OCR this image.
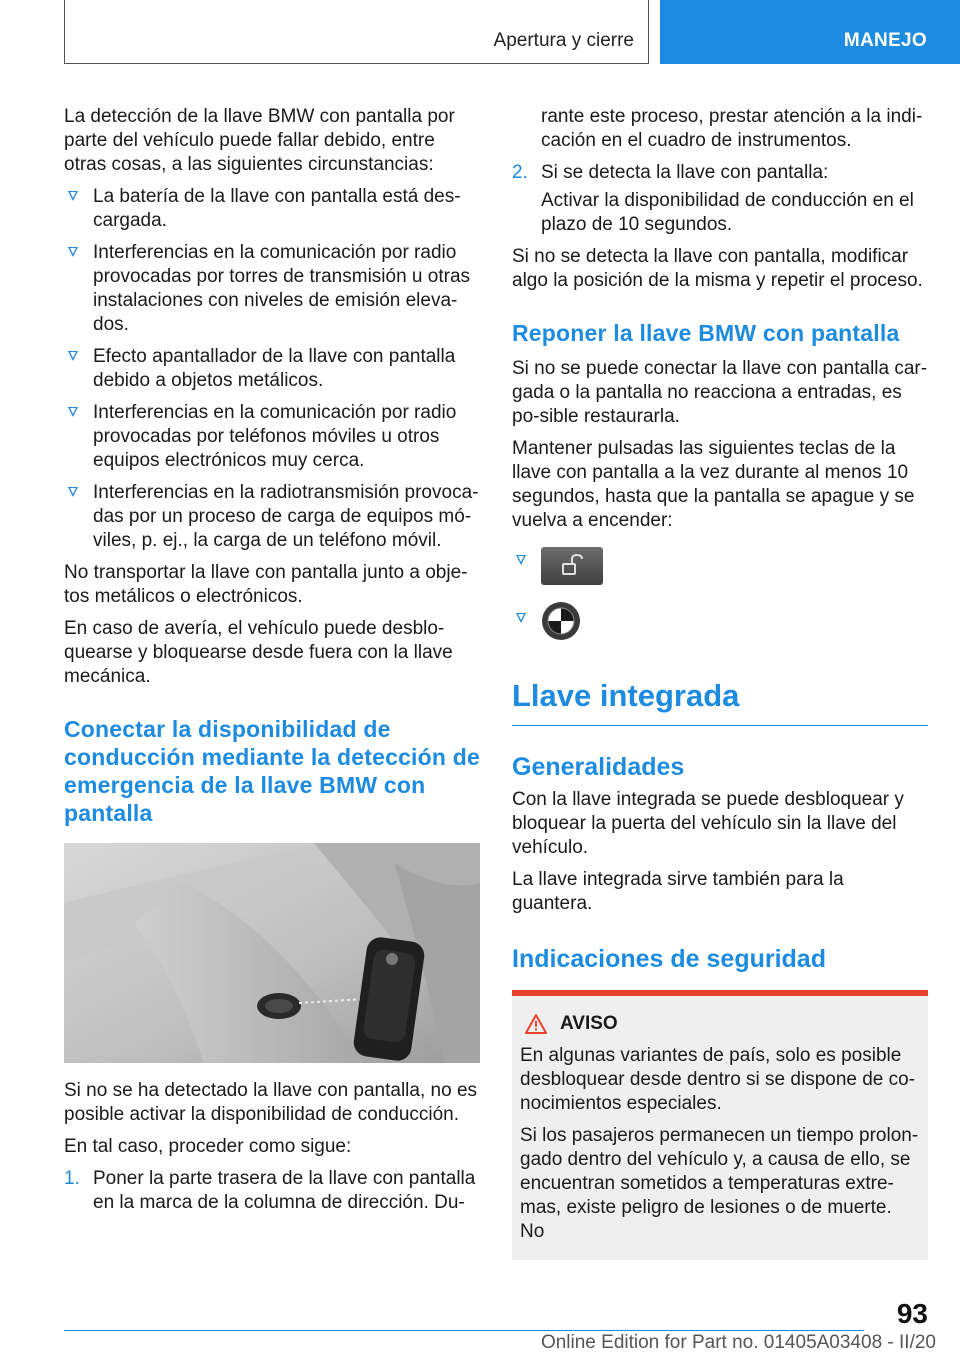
Apertura y cierre	MANEJO

La detección de la llave BMW con pantalla por parte del vehículo puede fallar debido, entre otras cosas, a las siguientes circunstancias:

La batería de la llave con pantalla está des-cargada.
Interferencias en la comunicación por radio provocadas por torres de transmisión u otras instalaciones con niveles de emisión eleva-dos.
Efecto apantallador de la llave con pantalla debido a objetos metálicos.
Interferencias en la comunicación por radio provocadas por teléfonos móviles u otros equipos electrónicos muy cerca.
Interferencias en la radiotransmisión provoca-das por un proceso de carga de equipos mó-viles, p. ej., la carga de un teléfono móvil.

No transportar la llave con pantalla junto a obje-tos metálicos o electrónicos.

En caso de avería, el vehículo puede desblo-quearse y bloquearse desde fuera con la llave mecánica.

Conectar la disponibilidad de conducción mediante la detección de emergencia de la llave BMW con pantalla

Si no se ha detectado la llave con pantalla, no es posible activar la disponibilidad de conducción.

En tal caso, proceder como sigue:

1. Poner la parte trasera de la llave con pantalla en la marca de la columna de dirección. Du-

rante este proceso, prestar atención a la indi-cación en el cuadro de instrumentos.

2. Si se detecta la llave con pantalla:

Activar la disponibilidad de conducción en el plazo de 10 segundos.

Si no se detecta la llave con pantalla, modificar algo la posición de la misma y repetir el proceso.

Reponer la llave BMW con pantalla

Si no se puede conectar la llave con pantalla car-gada o la pantalla no reacciona a entradas, es po-sible restaurarla.

Mantener pulsadas las siguientes teclas de la llave con pantalla a la vez durante al menos 10 segundos, hasta que la pantalla se apague y se vuelva a encender:

Llave integrada
Generalidades

Con la llave integrada se puede desbloquear y bloquear la puerta del vehículo sin la llave del vehículo.

La llave integrada sirve también para la guantera.

Indicaciones de seguridad
AVISO

En algunas variantes de país, solo es posible desbloquear desde dentro si se dispone de co-nocimientos especiales.

Si los pasajeros permanecen un tiempo prolon-gado dentro del vehículo y, a causa de ello, se encuentran sometidos a temperaturas extre-mas, existe peligro de lesiones o de muerte. No

93
Online Edition for Part no. 01405A03408 - II/20
